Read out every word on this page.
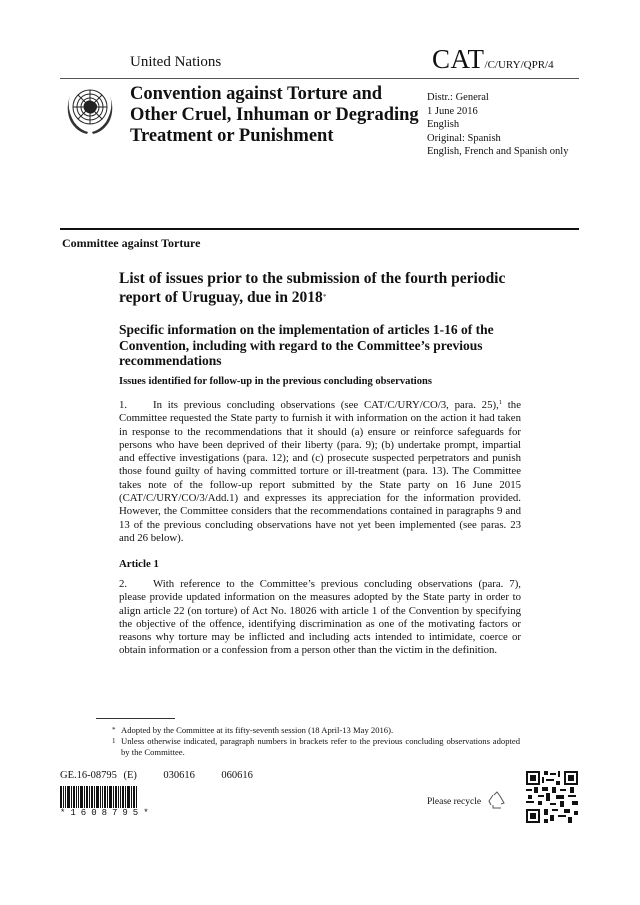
United Nations	CAT/C/URY/QPR/4
Convention against Torture and Other Cruel, Inhuman or Degrading Treatment or Punishment
Distr.: General
1 June 2016
English
Original: Spanish
English, French and Spanish only
Committee against Torture
List of issues prior to the submission of the fourth periodic report of Uruguay, due in 2018*
Specific information on the implementation of articles 1-16 of the Convention, including with regard to the Committee’s previous recommendations
Issues identified for follow-up in the previous concluding observations
1. In its previous concluding observations (see CAT/C/URY/CO/3, para. 25),$^1$ the Committee requested the State party to furnish it with information on the action it had taken in response to the recommendations that it should (a) ensure or reinforce safeguards for persons who have been deprived of their liberty (para. 9); (b) undertake prompt, impartial and effective investigations (para. 12); and (c) prosecute suspected perpetrators and punish those found guilty of having committed torture or ill-treatment (para. 13). The Committee takes note of the follow-up report submitted by the State party on 16 June 2015 (CAT/C/URY/CO/3/Add.1) and expresses its appreciation for the information provided. However, the Committee considers that the recommendations contained in paragraphs 9 and 13 of the previous concluding observations have not yet been implemented (see paras. 23 and 26 below).
Article 1
2. With reference to the Committee’s previous concluding observations (para. 7), please provide updated information on the measures adopted by the State party in order to align article 22 (on torture) of Act No. 18026 with article 1 of the Convention by specifying the objective of the offence, identifying discrimination as one of the motivating factors or reasons why torture may be inflicted and including acts intended to intimidate, coerce or obtain information or a confession from a person other than the victim in the definition.
* Adopted by the Committee at its fifty-seventh session (18 April-13 May 2016).
1 Unless otherwise indicated, paragraph numbers in brackets refer to the previous concluding observations adopted by the Committee.
GE.16-08795 (E)    030616    060616
*1608795*
Please recycle
